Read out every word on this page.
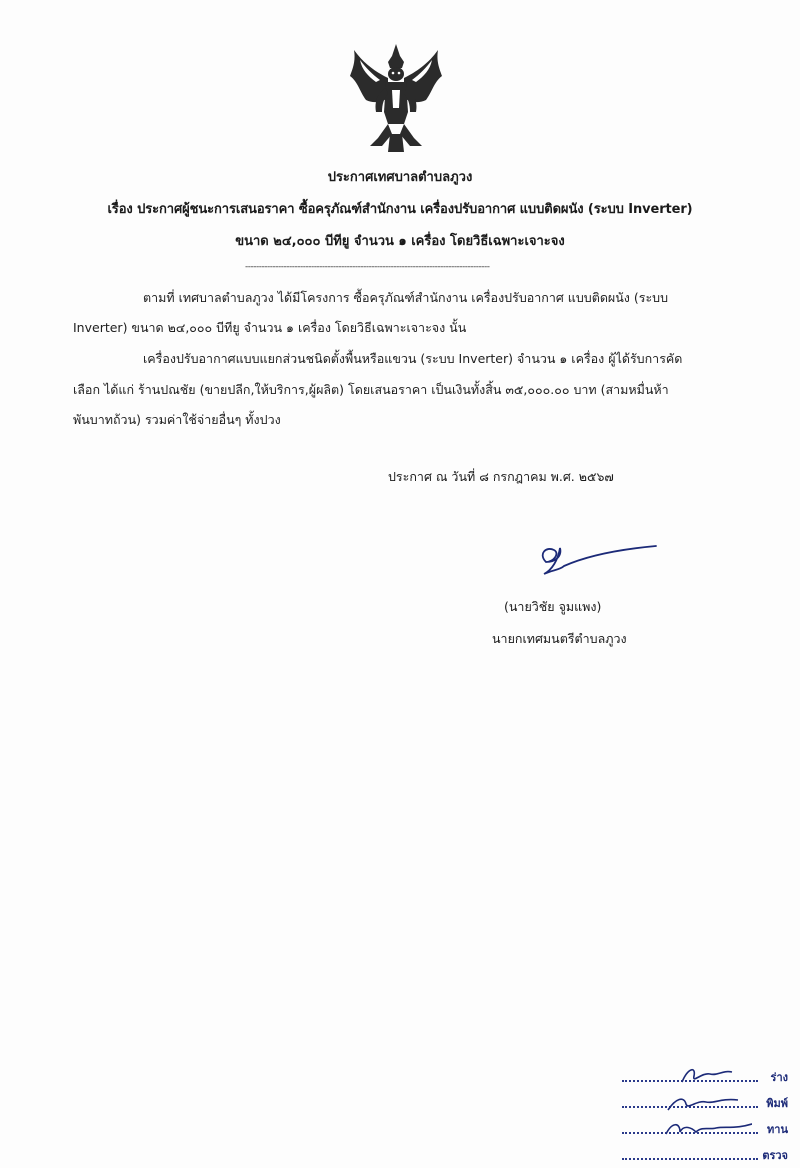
ประกาศเทศบาลตำบลภูวง
เรื่อง ประกาศผู้ชนะการเสนอราคา ซื้อครุภัณฑ์สำนักงาน เครื่องปรับอากาศ แบบติดผนัง (ระบบ Inverter)
ขนาด ๒๔,๐๐๐ บีทียู จำนวน ๑ เครื่อง โดยวิธีเฉพาะเจาะจง
-----------------------------------------------------------------------------------------
ตามที่ เทศบาลตำบลภูวง ได้มีโครงการ ซื้อครุภัณฑ์สำนักงาน เครื่องปรับอากาศ แบบติดผนัง (ระบบ
Inverter) ขนาด ๒๔,๐๐๐ บีทียู จำนวน ๑ เครื่อง โดยวิธีเฉพาะเจาะจง นั้น
เครื่องปรับอากาศแบบแยกส่วนชนิดตั้งพื้นหรือแขวน (ระบบ Inverter) จำนวน ๑ เครื่อง ผู้ได้รับการคัด
เลือก ได้แก่ ร้านปณชัย (ขายปลีก,ให้บริการ,ผู้ผลิต) โดยเสนอราคา เป็นเงินทั้งสิ้น ๓๕,๐๐๐.๐๐ บาท (สามหมื่นห้า
พันบาทถ้วน) รวมค่าใช้จ่ายอื่นๆ ทั้งปวง
ประกาศ ณ วันที่ ๘ กรกฎาคม พ.ศ. ๒๕๖๗
(นายวิชัย จูมแพง)
นายกเทศมนตรีตำบลภูวง
ร่าง
พิมพ์
ทาน
ตรวจ
